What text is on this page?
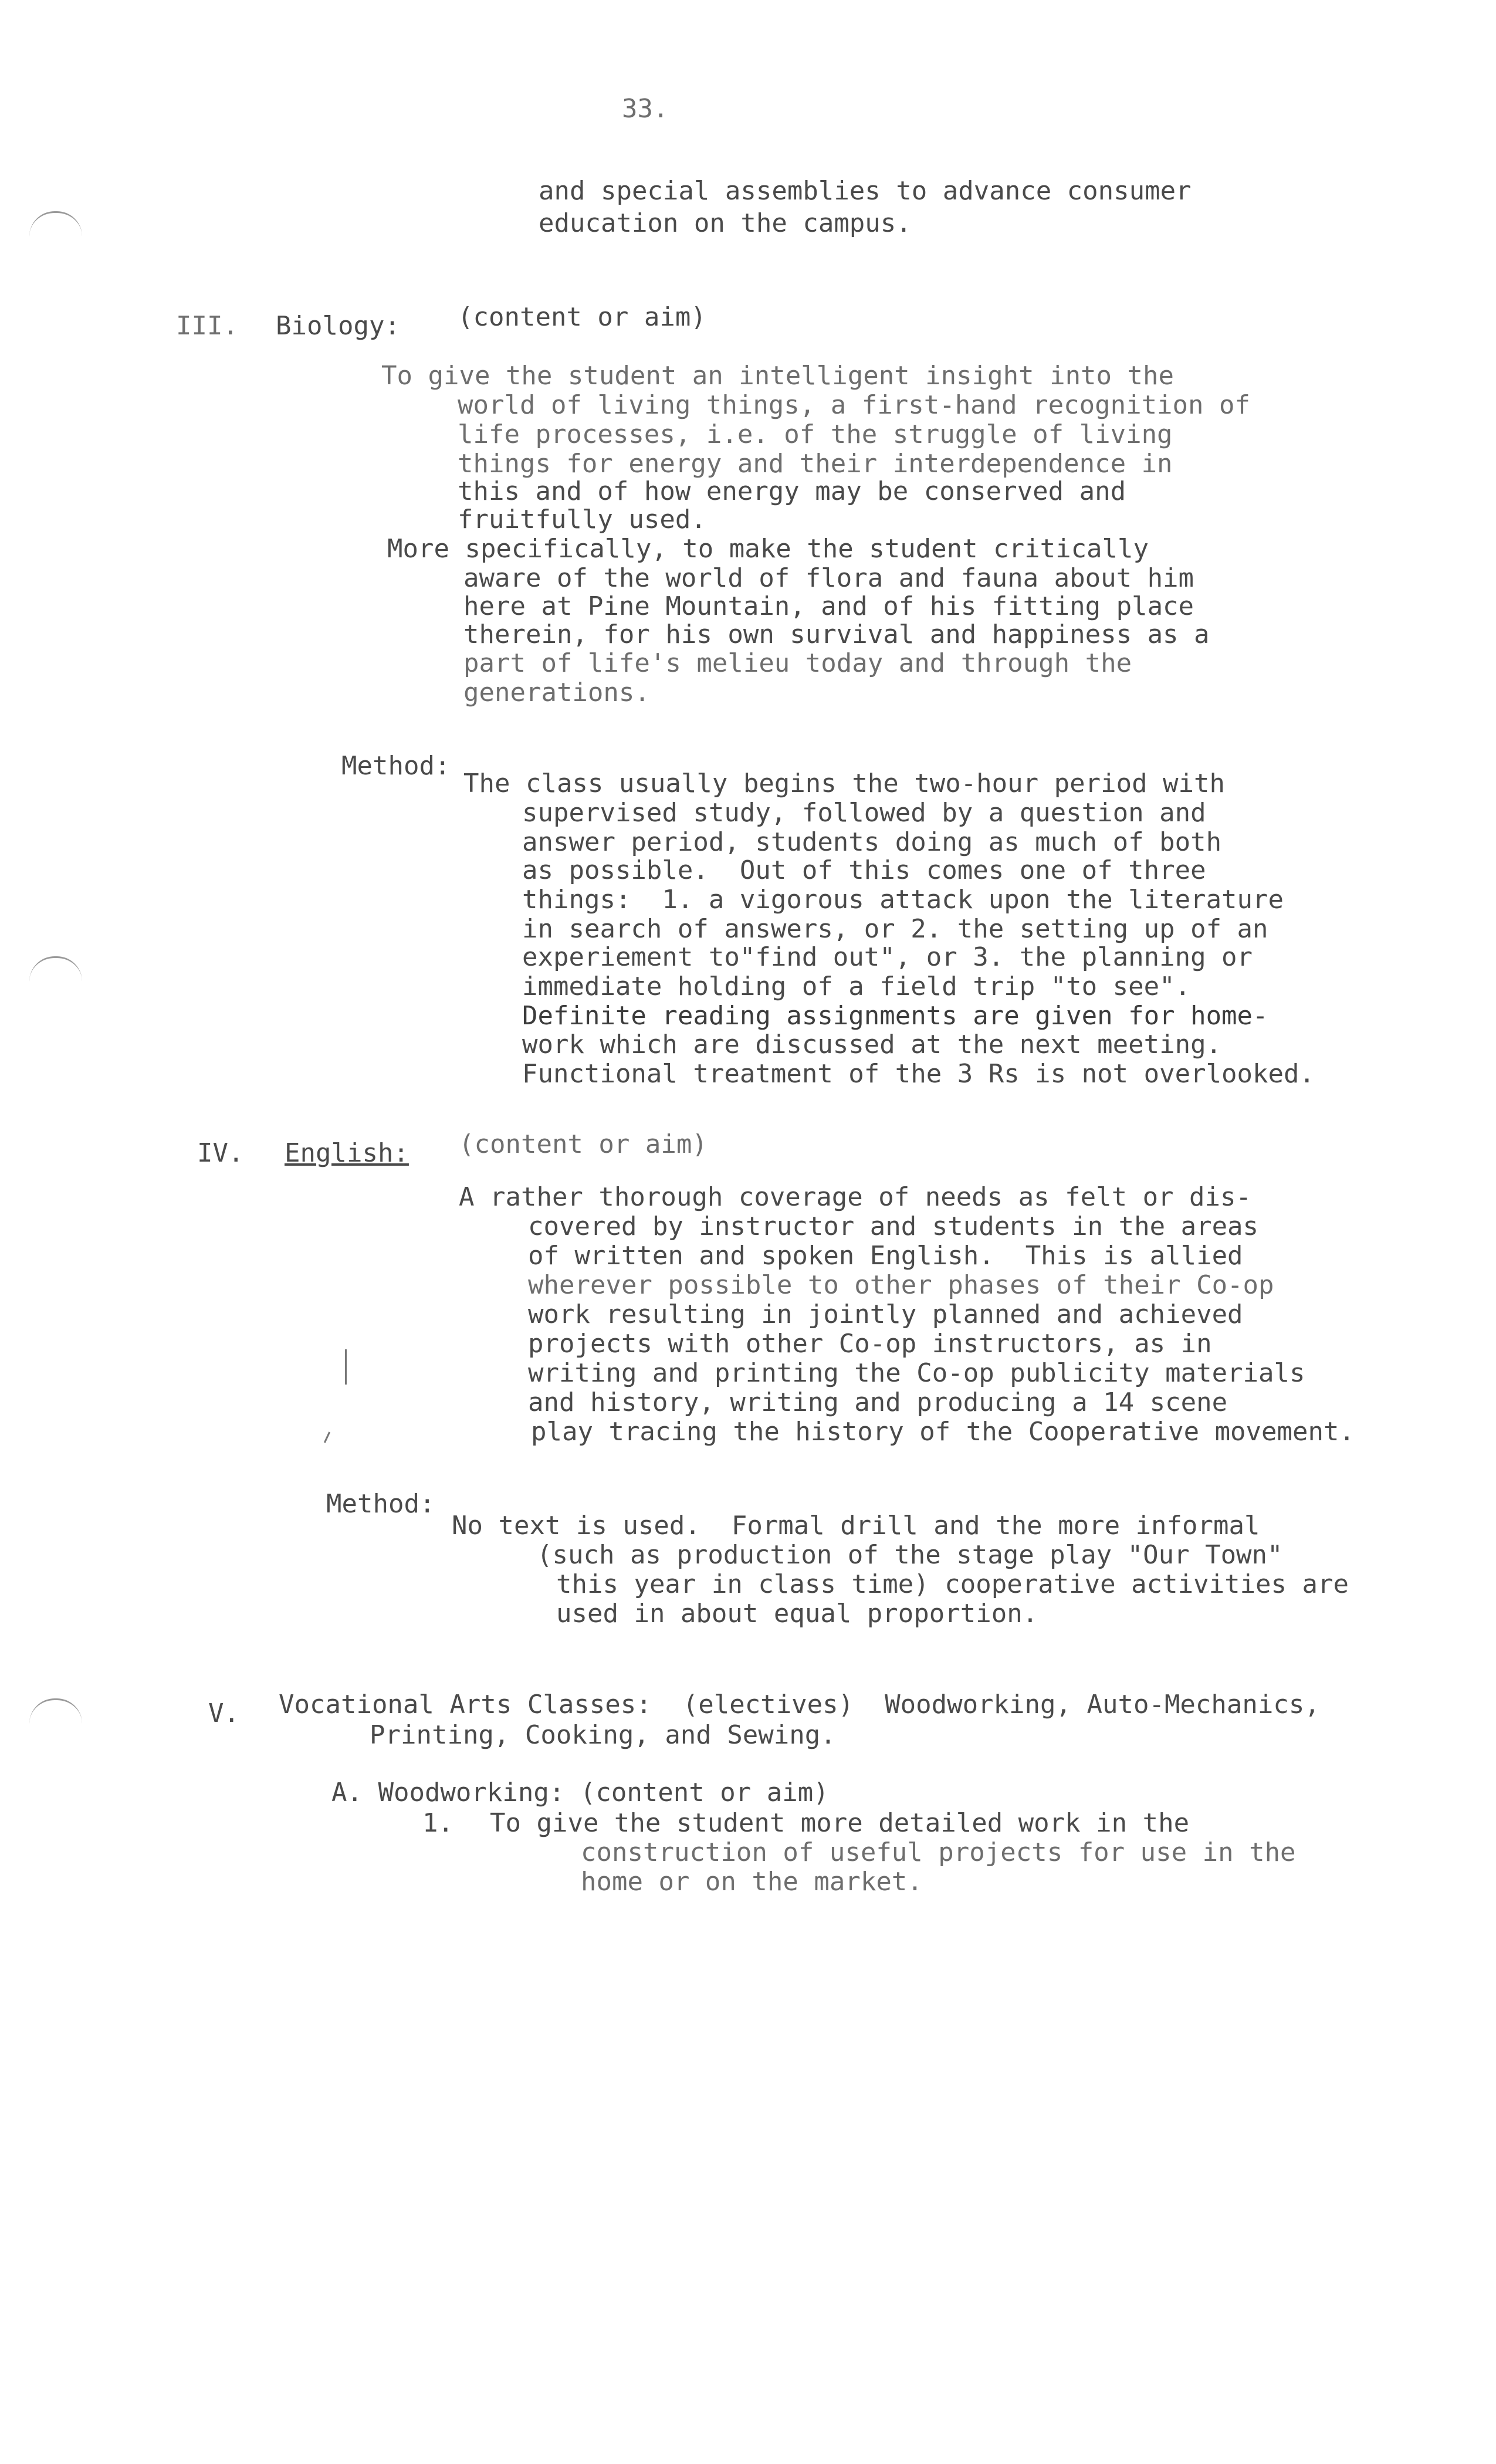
33.
and special assemblies to advance consumer
education on the campus.
III. Biology: (content or aim)
To give the student an intelligent insight into the
world of living things, a first-hand recognition of
life processes, i.e. of the struggle of living
things for energy and their interdependence in
this and of how energy may be conserved and
fruitfully used.
More specifically, to make the student critically
aware of the world of flora and fauna about him
here at Pine Mountain, and of his fitting place
therein, for his own survival and happiness as a
part of life's melieu today and through the
generations.
Method:
The class usually begins the two-hour period with
supervised study, followed by a question and
answer period, students doing as much of both
as possible.  Out of this comes one of three
things:  1. a vigorous attack upon the literature
in search of answers, or 2. the setting up of an
experiement to"find out", or 3. the planning or
immediate holding of a field trip "to see".
Definite reading assignments are given for home-
work which are discussed at the next meeting.
Functional treatment of the 3 Rs is not overlooked.
IV. English: (content or aim)
A rather thorough coverage of needs as felt or dis-
covered by instructor and students in the areas
of written and spoken English.  This is allied
wherever possible to other phases of their Co-op
work resulting in jointly planned and achieved
projects with other Co-op instructors, as in
writing and printing the Co-op publicity materials
and history, writing and producing a 14 scene
play tracing the history of the Cooperative movement.
Method:
No text is used.  Formal drill and the more informal
(such as production of the stage play "Our Town"
this year in class time) cooperative activities are
used in about equal proportion.
V. Vocational Arts Classes:  (electives)  Woodworking, Auto-Mechanics,
Printing, Cooking, and Sewing.
A. Woodworking: (content or aim)
1. To give the student more detailed work in the
construction of useful projects for use in the
home or on the market.
